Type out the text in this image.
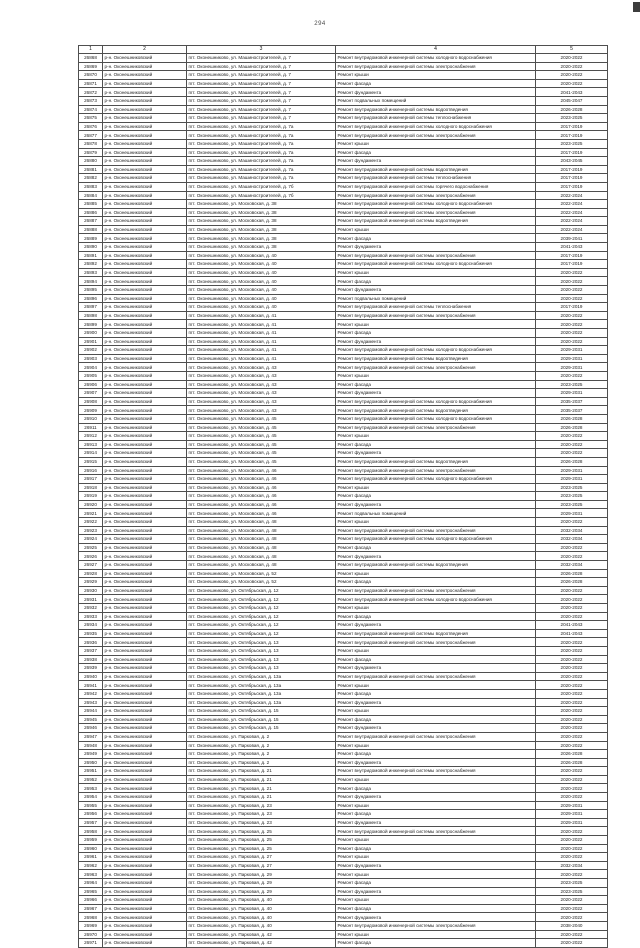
294
1	2	3	4	5
26868	р-н. Оконешниковский	пгт. Оконешниково, ул. Машиностроителей, д. 7	Ремонт внутридомовой инженерной системы холодного водоснабжения	2020-2022
26869	р-н. Оконешниковский	пгт. Оконешниково, ул. Машиностроителей, д. 7	Ремонт внутридомовой инженерной системы электроснабжения	2020-2022
26870	р-н. Оконешниковский	пгт. Оконешниково, ул. Машиностроителей, д. 7	Ремонт крыши	2020-2022
26871	р-н. Оконешниковский	пгт. Оконешниково, ул. Машиностроителей, д. 7	Ремонт фасада	2020-2022
26872	р-н. Оконешниковский	пгт. Оконешниково, ул. Машиностроителей, д. 7	Ремонт фундамента	2041-2043
26873	р-н. Оконешниковский	пгт. Оконешниково, ул. Машиностроителей, д. 7	Ремонт подвальных помещений	2045-2047
26874	р-н. Оконешниковский	пгт. Оконешниково, ул. Машиностроителей, д. 7	Ремонт внутридомовой инженерной системы водоотведения	2026-2028
26875	р-н. Оконешниковский	пгт. Оконешниково, ул. Машиностроителей, д. 7	Ремонт внутридомовой инженерной системы теплоснабжения	2023-2025
26876	р-н. Оконешниковский	пгт. Оконешниково, ул. Машиностроителей, д. 7а	Ремонт внутридомовой инженерной системы холодного водоснабжения	2017-2019
26877	р-н. Оконешниковский	пгт. Оконешниково, ул. Машиностроителей, д. 7а	Ремонт внутридомовой инженерной системы электроснабжения	2017-2019
26878	р-н. Оконешниковский	пгт. Оконешниково, ул. Машиностроителей, д. 7а	Ремонт крыши	2023-2025
26879	р-н. Оконешниковский	пгт. Оконешниково, ул. Машиностроителей, д. 7а	Ремонт фасада	2017-2019
26880	р-н. Оконешниковский	пгт. Оконешниково, ул. Машиностроителей, д. 7а	Ремонт фундамента	2043-2045
26881	р-н. Оконешниковский	пгт. Оконешниково, ул. Машиностроителей, д. 7а	Ремонт внутридомовой инженерной системы водоотведения	2017-2019
26882	р-н. Оконешниковский	пгт. Оконешниково, ул. Машиностроителей, д. 7а	Ремонт внутридомовой инженерной системы теплоснабжения	2017-2019
26883	р-н. Оконешниковский	пгт. Оконешниково, ул. Машиностроителей, д. 7б	Ремонт внутридомовой инженерной системы горячего водоснабжения	2017-2019
26884	р-н. Оконешниковский	пгт. Оконешниково, ул. Машиностроителей, д. 7б	Ремонт внутридомовой инженерной системы электроснабжения	2022-2024
26885	р-н. Оконешниковский	пгт. Оконешниково, ул. Московская, д. 38	Ремонт внутридомовой инженерной системы холодного водоснабжения	2022-2024
26886	р-н. Оконешниковский	пгт. Оконешниково, ул. Московская, д. 38	Ремонт внутридомовой инженерной системы электроснабжения	2022-2024
26887	р-н. Оконешниковский	пгт. Оконешниково, ул. Московская, д. 38	Ремонт внутридомовой инженерной системы водоотведения	2022-2024
26888	р-н. Оконешниковский	пгт. Оконешниково, ул. Московская, д. 38	Ремонт крыши	2022-2024
26889	р-н. Оконешниковский	пгт. Оконешниково, ул. Московская, д. 38	Ремонт фасада	2039-2041
26890	р-н. Оконешниковский	пгт. Оконешниково, ул. Московская, д. 38	Ремонт фундамента	2041-2043
26891	р-н. Оконешниковский	пгт. Оконешниково, ул. Московская, д. 40	Ремонт внутридомовой инженерной системы электроснабжения	2017-2019
26892	р-н. Оконешниковский	пгт. Оконешниково, ул. Московская, д. 40	Ремонт внутридомовой инженерной системы холодного водоснабжения	2017-2019
26893	р-н. Оконешниковский	пгт. Оконешниково, ул. Московская, д. 40	Ремонт крыши	2020-2022
26894	р-н. Оконешниковский	пгт. Оконешниково, ул. Московская, д. 40	Ремонт фасада	2020-2022
26895	р-н. Оконешниковский	пгт. Оконешниково, ул. Московская, д. 40	Ремонт фундамента	2020-2022
26896	р-н. Оконешниковский	пгт. Оконешниково, ул. Московская, д. 40	Ремонт подвальных помещений	2020-2022
26897	р-н. Оконешниковский	пгт. Оконешниково, ул. Московская, д. 40	Ремонт внутридомовой инженерной системы теплоснабжения	2017-2019
26898	р-н. Оконешниковский	пгт. Оконешниково, ул. Московская, д. 41	Ремонт внутридомовой инженерной системы электроснабжения	2020-2022
26899	р-н. Оконешниковский	пгт. Оконешниково, ул. Московская, д. 41	Ремонт крыши	2020-2022
26900	р-н. Оконешниковский	пгт. Оконешниково, ул. Московская, д. 41	Ремонт фасада	2020-2022
26901	р-н. Оконешниковский	пгт. Оконешниково, ул. Московская, д. 41	Ремонт фундамента	2020-2022
26902	р-н. Оконешниковский	пгт. Оконешниково, ул. Московская, д. 41	Ремонт внутридомовой инженерной системы холодного водоснабжения	2029-2031
26903	р-н. Оконешниковский	пгт. Оконешниково, ул. Московская, д. 41	Ремонт внутридомовой инженерной системы водоотведения	2029-2031
26904	р-н. Оконешниковский	пгт. Оконешниково, ул. Московская, д. 43	Ремонт внутридомовой инженерной системы электроснабжения	2029-2031
26905	р-н. Оконешниковский	пгт. Оконешниково, ул. Московская, д. 43	Ремонт крыши	2020-2022
26906	р-н. Оконешниковский	пгт. Оконешниково, ул. Московская, д. 43	Ремонт фасада	2023-2025
26907	р-н. Оконешниковский	пгт. Оконешниково, ул. Московская, д. 43	Ремонт фундамента	2029-2031
26908	р-н. Оконешниковский	пгт. Оконешниково, ул. Московская, д. 43	Ремонт внутридомовой инженерной системы холодного водоснабжения	2035-2037
26909	р-н. Оконешниковский	пгт. Оконешниково, ул. Московская, д. 43	Ремонт внутридомовой инженерной системы водоотведения	2035-2037
26910	р-н. Оконешниковский	пгт. Оконешниково, ул. Московская, д. 45	Ремонт внутридомовой инженерной системы холодного водоснабжения	2026-2028
26911	р-н. Оконешниковский	пгт. Оконешниково, ул. Московская, д. 45	Ремонт внутридомовой инженерной системы электроснабжения	2026-2028
26912	р-н. Оконешниковский	пгт. Оконешниково, ул. Московская, д. 45	Ремонт крыши	2020-2022
26913	р-н. Оконешниковский	пгт. Оконешниково, ул. Московская, д. 45	Ремонт фасада	2020-2022
26914	р-н. Оконешниковский	пгт. Оконешниково, ул. Московская, д. 45	Ремонт фундамента	2020-2022
26915	р-н. Оконешниковский	пгт. Оконешниково, ул. Московская, д. 45	Ремонт внутридомовой инженерной системы водоотведения	2026-2028
26916	р-н. Оконешниковский	пгт. Оконешниково, ул. Московская, д. 46	Ремонт внутридомовой инженерной системы электроснабжения	2029-2031
26917	р-н. Оконешниковский	пгт. Оконешниково, ул. Московская, д. 46	Ремонт внутридомовой инженерной системы холодного водоснабжения	2029-2031
26918	р-н. Оконешниковский	пгт. Оконешниково, ул. Московская, д. 46	Ремонт крыши	2023-2025
26919	р-н. Оконешниковский	пгт. Оконешниково, ул. Московская, д. 46	Ремонт фасада	2023-2025
26920	р-н. Оконешниковский	пгт. Оконешниково, ул. Московская, д. 46	Ремонт фундамента	2023-2025
26921	р-н. Оконешниковский	пгт. Оконешниково, ул. Московская, д. 46	Ремонт подвальных помещений	2029-2031
26922	р-н. Оконешниковский	пгт. Оконешниково, ул. Московская, д. 48	Ремонт крыши	2020-2022
26923	р-н. Оконешниковский	пгт. Оконешниково, ул. Московская, д. 48	Ремонт внутридомовой инженерной системы электроснабжения	2032-2034
26924	р-н. Оконешниковский	пгт. Оконешниково, ул. Московская, д. 48	Ремонт внутридомовой инженерной системы холодного водоснабжения	2032-2034
26925	р-н. Оконешниковский	пгт. Оконешниково, ул. Московская, д. 48	Ремонт фасада	2020-2022
26926	р-н. Оконешниковский	пгт. Оконешниково, ул. Московская, д. 48	Ремонт фундамента	2020-2022
26927	р-н. Оконешниковский	пгт. Оконешниково, ул. Московская, д. 48	Ремонт внутридомовой инженерной системы водоотведения	2032-2034
26928	р-н. Оконешниковский	пгт. Оконешниково, ул. Московская, д. 52	Ремонт крыши	2026-2028
26929	р-н. Оконешниковский	пгт. Оконешниково, ул. Московская, д. 52	Ремонт фасада	2026-2028
26930	р-н. Оконешниковский	пгт. Оконешниково, ул. Октябрьская, д. 12	Ремонт внутридомовой инженерной системы электроснабжения	2020-2022
26931	р-н. Оконешниковский	пгт. Оконешниково, ул. Октябрьская, д. 12	Ремонт внутридомовой инженерной системы холодного водоснабжения	2020-2022
26932	р-н. Оконешниковский	пгт. Оконешниково, ул. Октябрьская, д. 12	Ремонт крыши	2020-2022
26933	р-н. Оконешниковский	пгт. Оконешниково, ул. Октябрьская, д. 12	Ремонт фасада	2020-2022
26934	р-н. Оконешниковский	пгт. Оконешниково, ул. Октябрьская, д. 12	Ремонт фундамента	2041-2043
26935	р-н. Оконешниковский	пгт. Оконешниково, ул. Октябрьская, д. 12	Ремонт внутридомовой инженерной системы водоотведения	2041-2043
26936	р-н. Оконешниковский	пгт. Оконешниково, ул. Октябрьская, д. 13	Ремонт внутридомовой инженерной системы электроснабжения	2020-2022
26937	р-н. Оконешниковский	пгт. Оконешниково, ул. Октябрьская, д. 13	Ремонт крыши	2020-2022
26938	р-н. Оконешниковский	пгт. Оконешниково, ул. Октябрьская, д. 13	Ремонт фасада	2020-2022
26939	р-н. Оконешниковский	пгт. Оконешниково, ул. Октябрьская, д. 13	Ремонт фундамента	2020-2022
26940	р-н. Оконешниковский	пгт. Оконешниково, ул. Октябрьская, д. 13а	Ремонт внутридомовой инженерной системы электроснабжения	2020-2022
26941	р-н. Оконешниковский	пгт. Оконешниково, ул. Октябрьская, д. 13а	Ремонт крыши	2020-2022
26942	р-н. Оконешниковский	пгт. Оконешниково, ул. Октябрьская, д. 13а	Ремонт фасада	2020-2022
26943	р-н. Оконешниковский	пгт. Оконешниково, ул. Октябрьская, д. 13а	Ремонт фундамента	2020-2022
26944	р-н. Оконешниковский	пгт. Оконешниково, ул. Октябрьская, д. 15	Ремонт крыши	2020-2022
26945	р-н. Оконешниковский	пгт. Оконешниково, ул. Октябрьская, д. 15	Ремонт фасада	2020-2022
26946	р-н. Оконешниковский	пгт. Оконешниково, ул. Октябрьская, д. 15	Ремонт фундамента	2020-2022
26947	р-н. Оконешниковский	пгт. Оконешниково, ул. Парковая, д. 2	Ремонт внутридомовой инженерной системы электроснабжения	2020-2022
26948	р-н. Оконешниковский	пгт. Оконешниково, ул. Парковая, д. 2	Ремонт крыши	2020-2022
26949	р-н. Оконешниковский	пгт. Оконешниково, ул. Парковая, д. 2	Ремонт фасада	2026-2028
26950	р-н. Оконешниковский	пгт. Оконешниково, ул. Парковая, д. 2	Ремонт фундамента	2026-2028
26951	р-н. Оконешниковский	пгт. Оконешниково, ул. Парковая, д. 21	Ремонт внутридомовой инженерной системы электроснабжения	2020-2022
26952	р-н. Оконешниковский	пгт. Оконешниково, ул. Парковая, д. 21	Ремонт крыши	2020-2022
26953	р-н. Оконешниковский	пгт. Оконешниково, ул. Парковая, д. 21	Ремонт фасада	2020-2022
26954	р-н. Оконешниковский	пгт. Оконешниково, ул. Парковая, д. 21	Ремонт фундамента	2020-2022
26955	р-н. Оконешниковский	пгт. Оконешниково, ул. Парковая, д. 23	Ремонт крыши	2029-2031
26956	р-н. Оконешниковский	пгт. Оконешниково, ул. Парковая, д. 23	Ремонт фасада	2029-2031
26957	р-н. Оконешниковский	пгт. Оконешниково, ул. Парковая, д. 23	Ремонт фундамента	2029-2031
26958	р-н. Оконешниковский	пгт. Оконешниково, ул. Парковая, д. 25	Ремонт внутридомовой инженерной системы электроснабжения	2020-2022
26959	р-н. Оконешниковский	пгт. Оконешниково, ул. Парковая, д. 25	Ремонт крыши	2020-2022
26960	р-н. Оконешниковский	пгт. Оконешниково, ул. Парковая, д. 25	Ремонт фасада	2020-2022
26961	р-н. Оконешниковский	пгт. Оконешниково, ул. Парковая, д. 27	Ремонт крыши	2020-2022
26962	р-н. Оконешниковский	пгт. Оконешниково, ул. Парковая, д. 27	Ремонт фундамента	2032-2034
26963	р-н. Оконешниковский	пгт. Оконешниково, ул. Парковая, д. 29	Ремонт крыши	2020-2022
26964	р-н. Оконешниковский	пгт. Оконешниково, ул. Парковая, д. 29	Ремонт фасада	2023-2025
26965	р-н. Оконешниковский	пгт. Оконешниково, ул. Парковая, д. 29	Ремонт фундамента	2023-2025
26966	р-н. Оконешниковский	пгт. Оконешниково, ул. Парковая, д. 40	Ремонт крыши	2020-2022
26967	р-н. Оконешниковский	пгт. Оконешниково, ул. Парковая, д. 40	Ремонт фасада	2020-2022
26968	р-н. Оконешниковский	пгт. Оконешниково, ул. Парковая, д. 40	Ремонт фундамента	2020-2022
26969	р-н. Оконешниковский	пгт. Оконешниково, ул. Парковая, д. 40	Ремонт внутридомовой инженерной системы электроснабжения	2038-2040
26970	р-н. Оконешниковский	пгт. Оконешниково, ул. Парковая, д. 42	Ремонт крыши	2020-2022
26971	р-н. Оконешниковский	пгт. Оконешниково, ул. Парковая, д. 42	Ремонт фасада	2020-2022
